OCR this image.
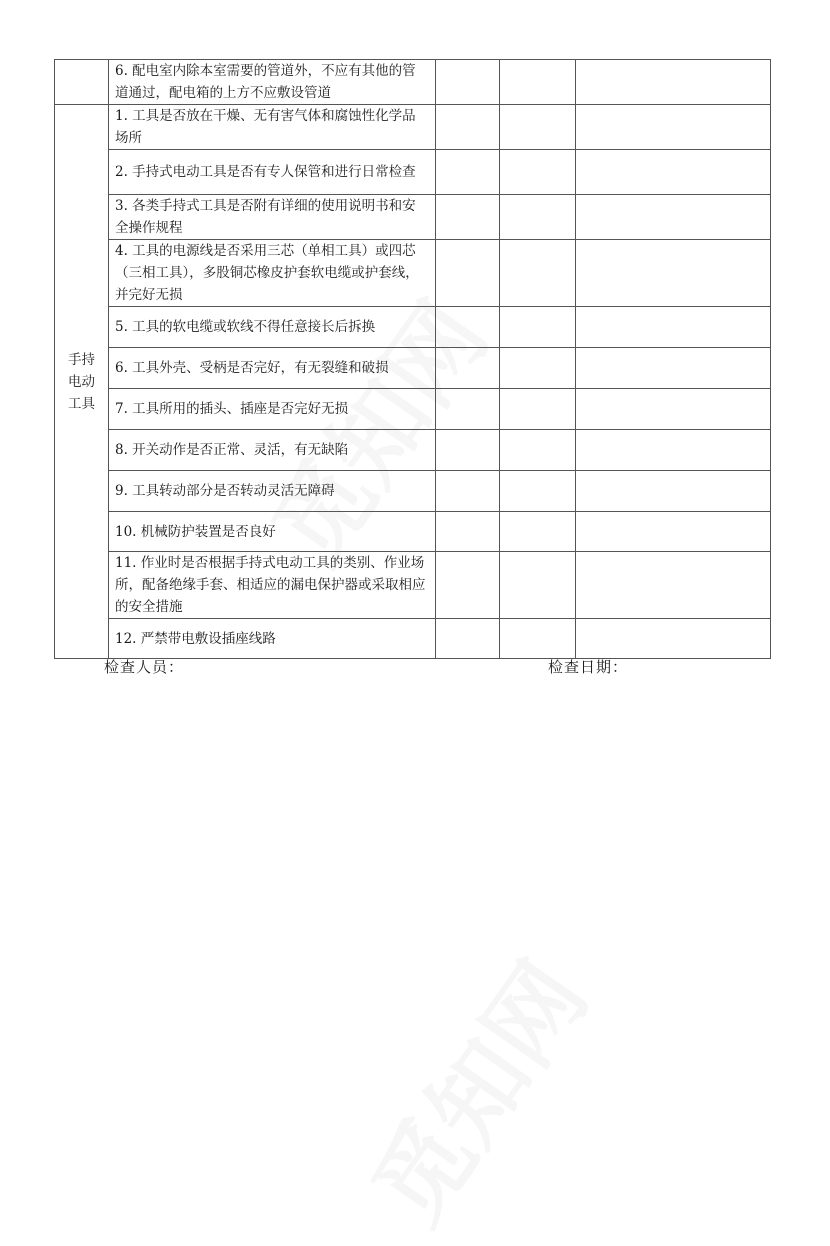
	6. 配电室内除本室需要的管道外，不应有其他的管道通过，配电箱的上方不应敷设管道			

手持电动工具	1. 工具是否放在干燥、无有害气体和腐蚀性化学品场所			
	2. 手持式电动工具是否有专人保管和进行日常检查			
	3. 各类手持式工具是否附有详细的使用说明书和安全操作规程			
	4. 工具的电源线是否采用三芯（单相工具）或四芯（三相工具），多股铜芯橡皮护套软电缆或护套线，并完好无损			
	5. 工具的软电缆或软线不得任意接长后拆换			
	6. 工具外壳、受柄是否完好，有无裂缝和破损			
	7. 工具所用的插头、插座是否完好无损			
	8. 开关动作是否正常、灵活，有无缺陷			
	9. 工具转动部分是否转动灵活无障碍			
	10. 机械防护装置是否良好			
	11. 作业时是否根据手持式电动工具的类别、作业场所，配备绝缘手套、相适应的漏电保护器或采取相应的安全措施			
	12. 严禁带电敷设插座线路			
检查人员：	检查日期：
